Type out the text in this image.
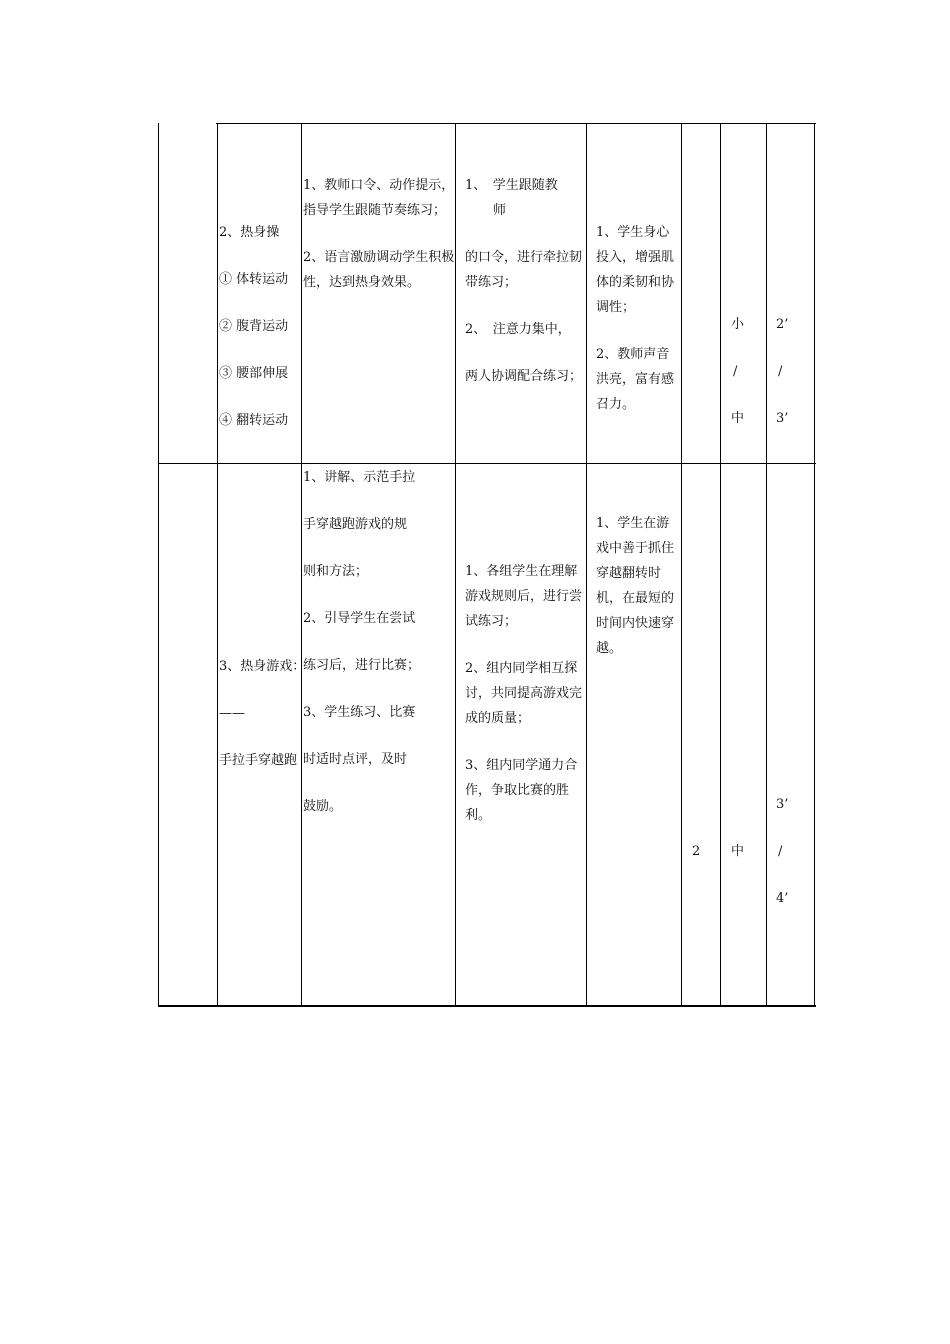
2、热身操
① 体转运动
② 腹背运动
③ 腰部伸展
④ 翻转运动
1、教师口令、动作提示，指导学生跟随节奏练习；
2、语言激励调动学生积极性，达到热身效果。
1、　学生跟随教
师
的口令，进行牵拉韧带练习；
2、　注意力集中，
两人协调配合练习；
1、学生身心投入，增强肌体的柔韧和协调性；
2、教师声音洪亮，富有感召力。
小
/
中
2’
/
3’
3、热身游戏：
——
手拉手穿越跑
1、讲解、示范手拉
手穿越跑游戏的规
则和方法；
2、引导学生在尝试
练习后，进行比赛；
3、学生练习、比赛
时适时点评，及时
鼓励。
1、各组学生在理解游戏规则后，进行尝试练习；
2、组内同学相互探讨，共同提高游戏完成的质量；
3、组内同学通力合作，争取比赛的胜利。
1、学生在游戏中善于抓住穿越翻转时机，在最短的时间内快速穿越。
2 中
3’
/
4’
